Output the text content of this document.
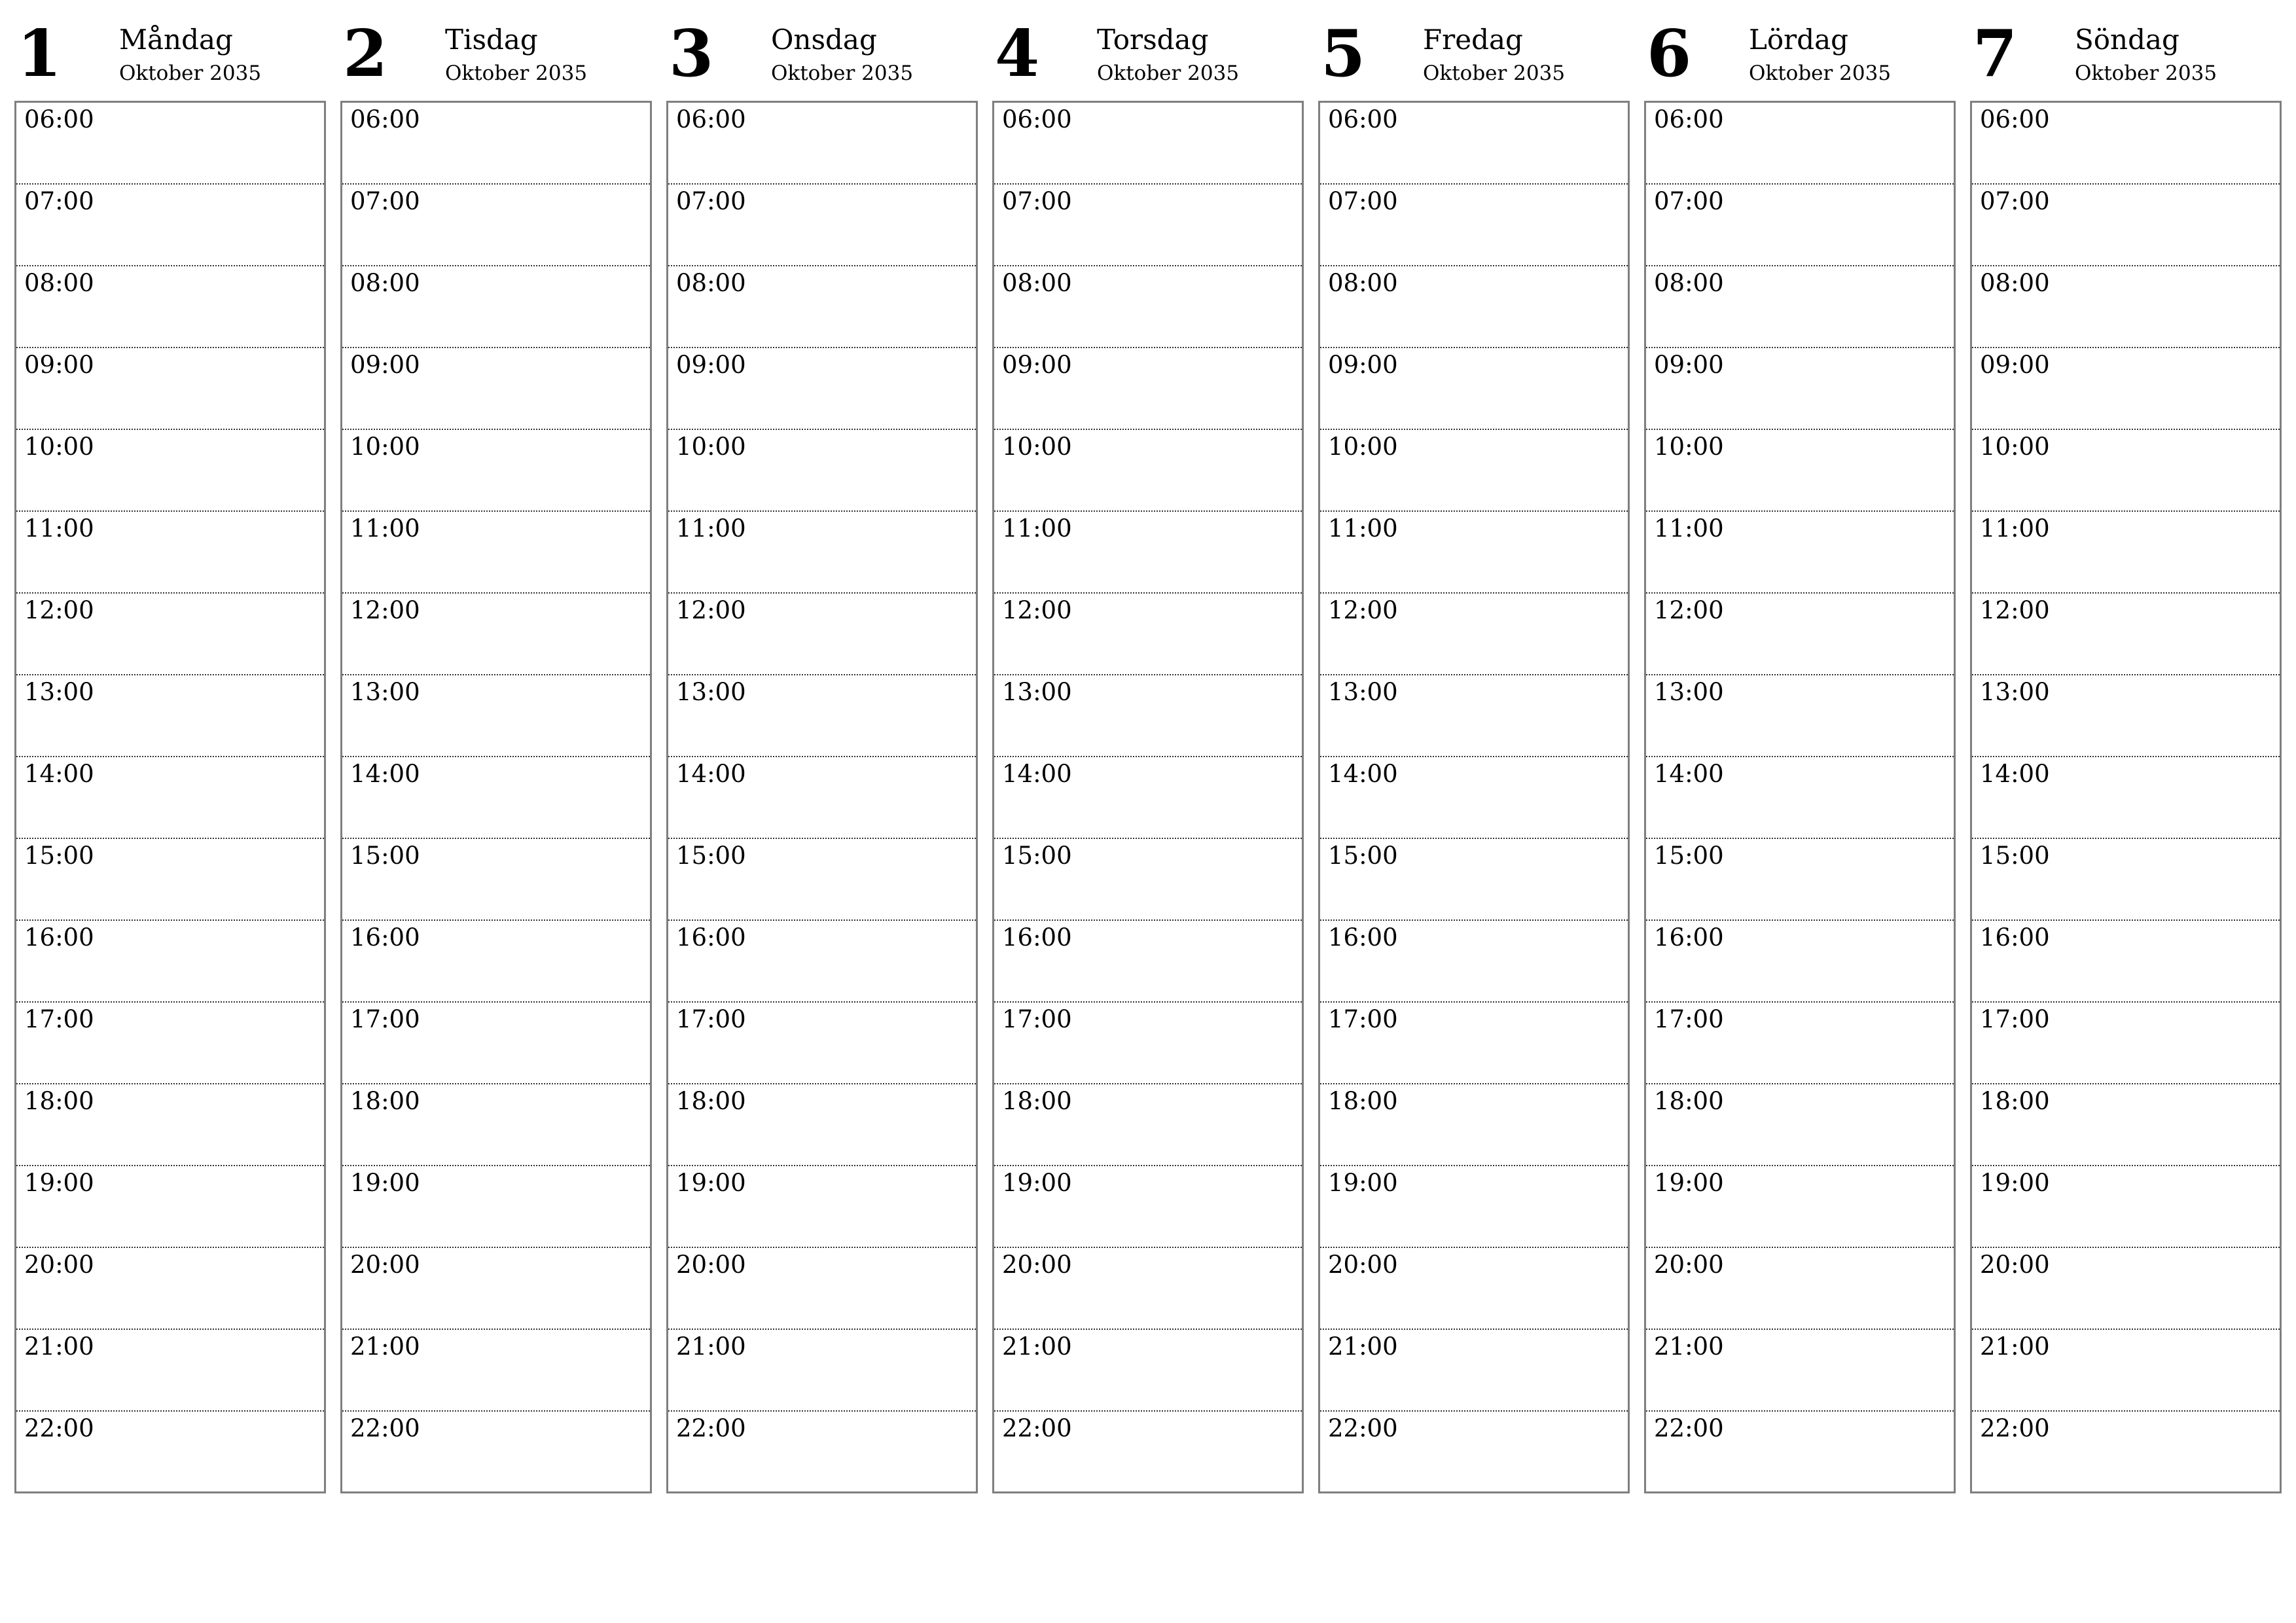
1 Måndag
Oktober 2035
06:00
07:00
08:00
09:00
10:00
11:00
12:00
13:00
14:00
15:00
16:00
17:00
18:00
19:00
20:00
21:00
22:00
2 Tisdag
Oktober 2035
06:00
07:00
08:00
09:00
10:00
11:00
12:00
13:00
14:00
15:00
16:00
17:00
18:00
19:00
20:00
21:00
22:00
3 Onsdag
Oktober 2035
06:00
07:00
08:00
09:00
10:00
11:00
12:00
13:00
14:00
15:00
16:00
17:00
18:00
19:00
20:00
21:00
22:00
4 Torsdag
Oktober 2035
06:00
07:00
08:00
09:00
10:00
11:00
12:00
13:00
14:00
15:00
16:00
17:00
18:00
19:00
20:00
21:00
22:00
5 Fredag
Oktober 2035
06:00
07:00
08:00
09:00
10:00
11:00
12:00
13:00
14:00
15:00
16:00
17:00
18:00
19:00
20:00
21:00
22:00
6 Lördag
Oktober 2035
06:00
07:00
08:00
09:00
10:00
11:00
12:00
13:00
14:00
15:00
16:00
17:00
18:00
19:00
20:00
21:00
22:00
7 Söndag
Oktober 2035
06:00
07:00
08:00
09:00
10:00
11:00
12:00
13:00
14:00
15:00
16:00
17:00
18:00
19:00
20:00
21:00
22:00
